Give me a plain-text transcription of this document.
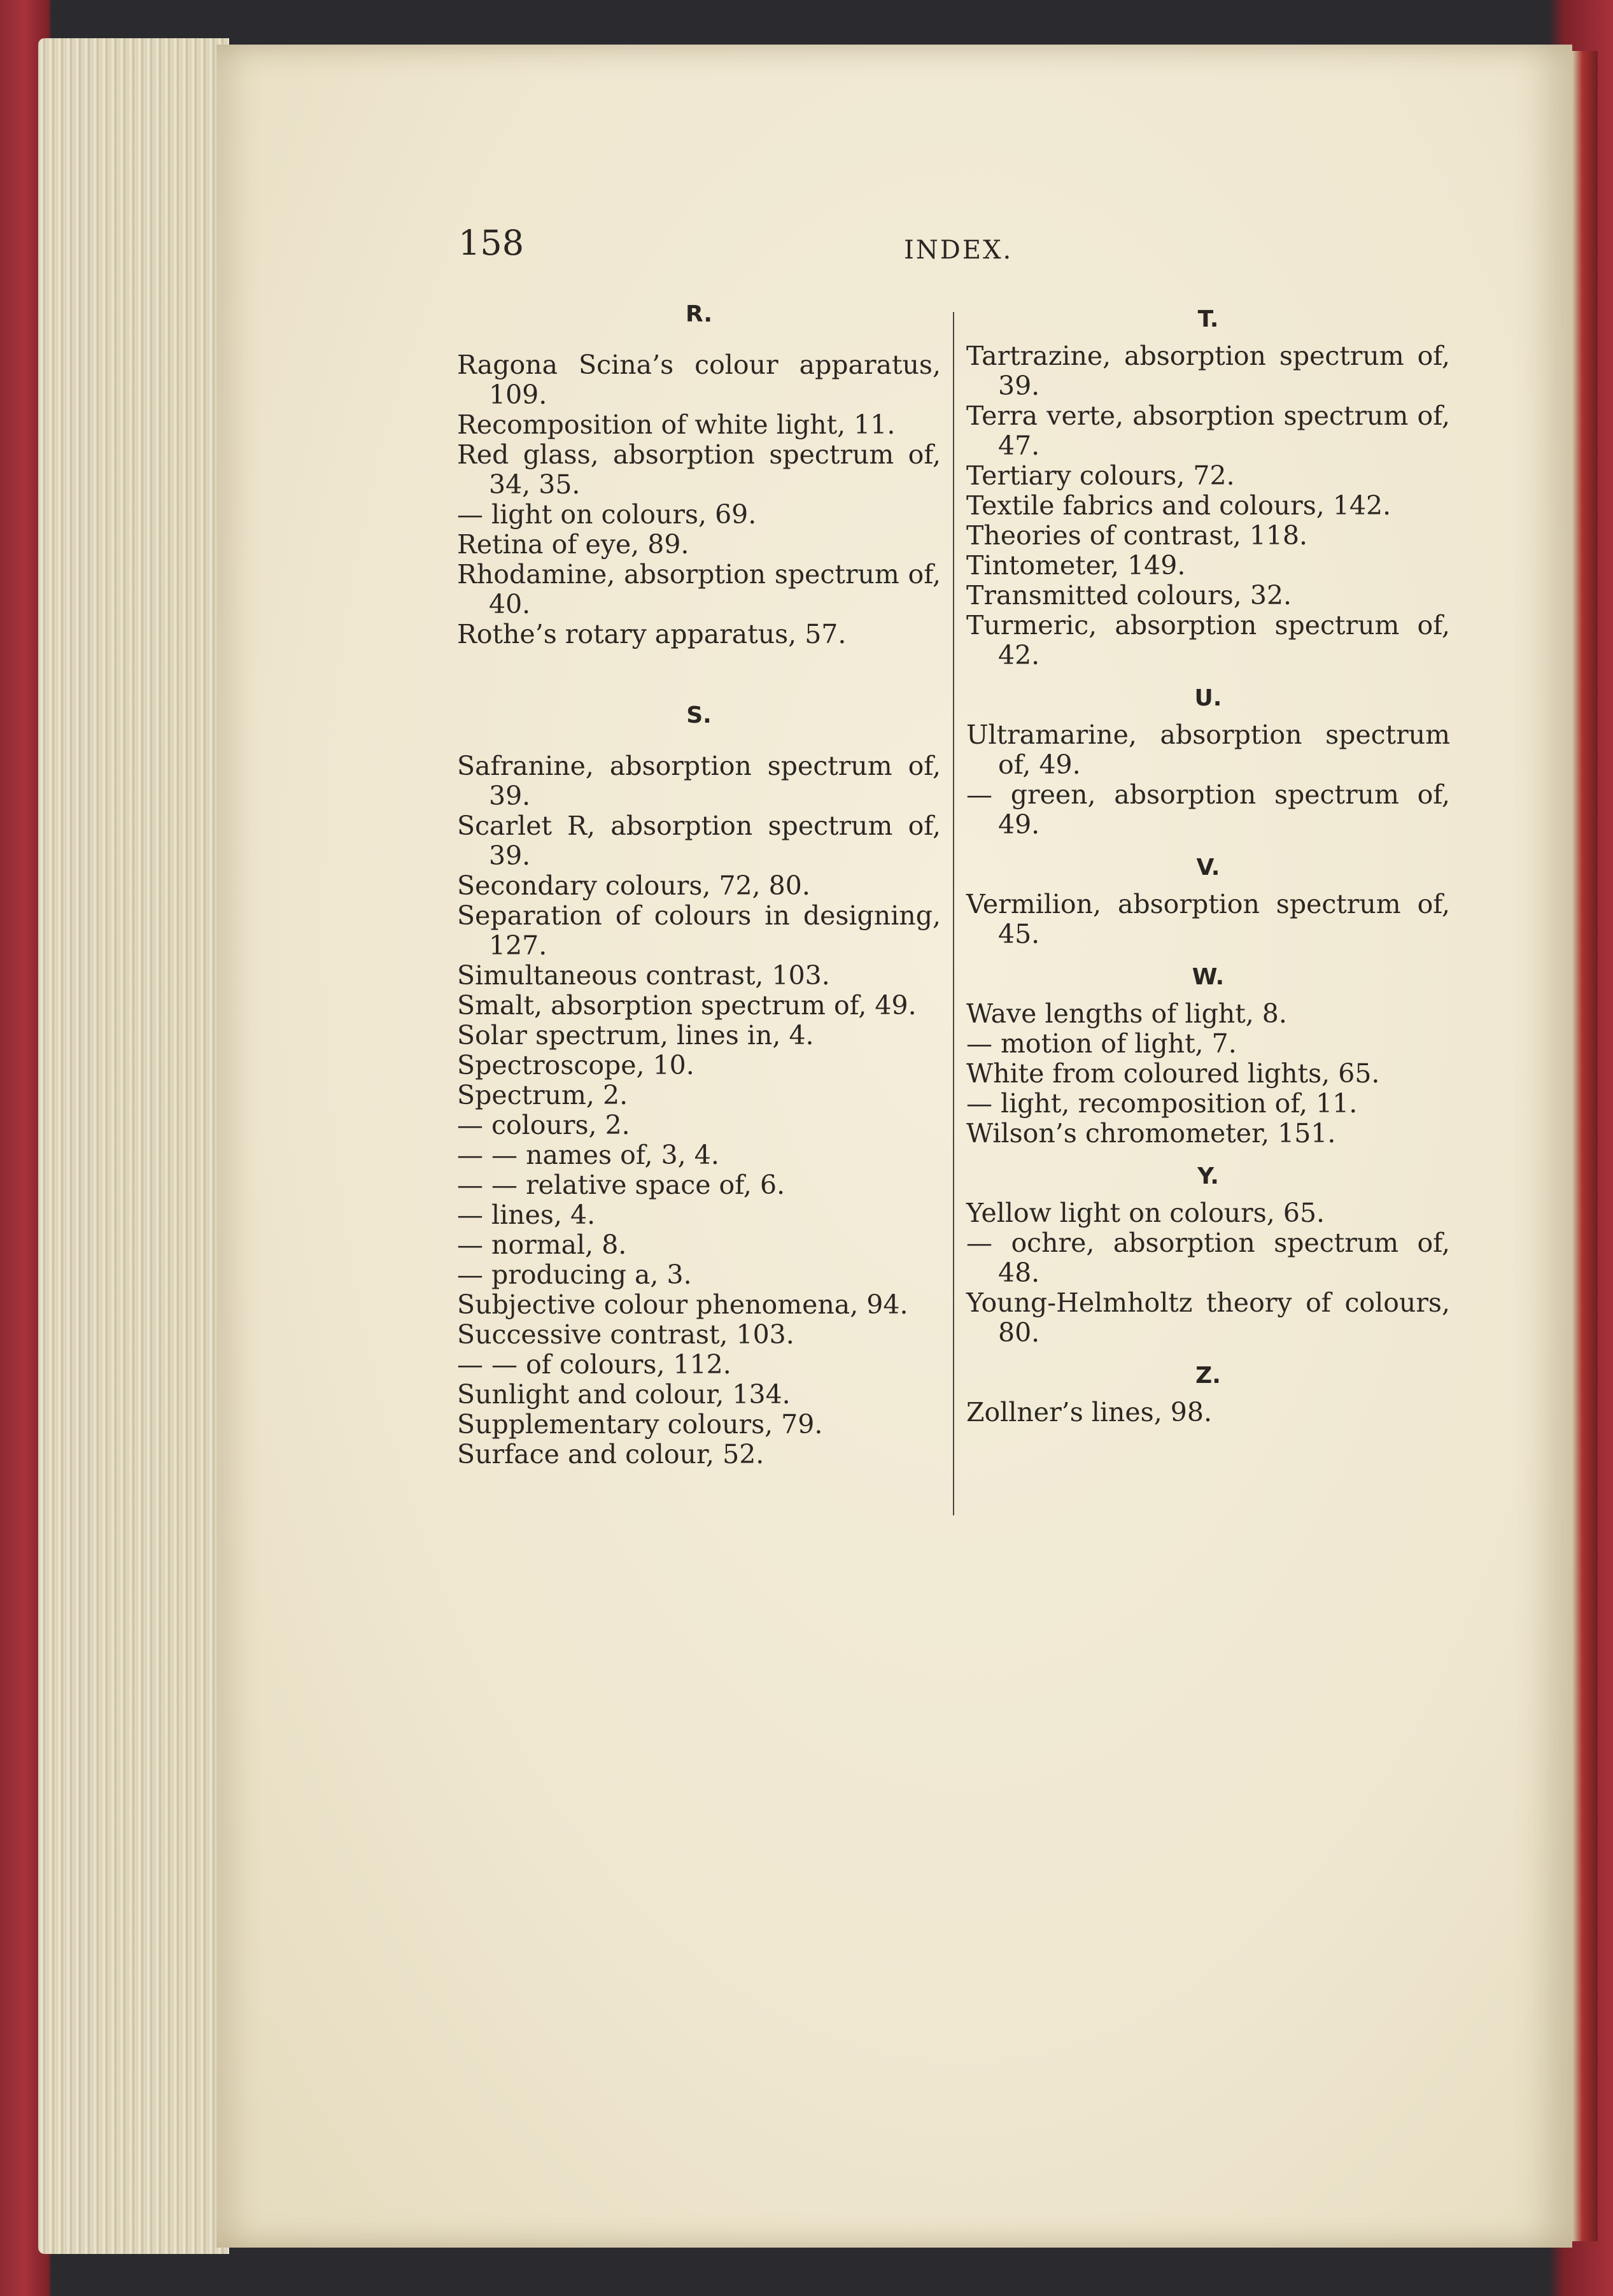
158	INDEX.
R.
Ragona Scina’s colour apparatus, 109.
Recomposition of white light, 11.
Red glass, absorption spectrum of, 34, 35.
— light on colours, 69.
Retina of eye, 89.
Rhodamine, absorption spectrum of, 40.
Rothe’s rotary apparatus, 57.
S.
Safranine, absorption spectrum of, 39.
Scarlet R, absorption spectrum of, 39.
Secondary colours, 72, 80.
Separation of colours in designing, 127.
Simultaneous contrast, 103.
Smalt, absorption spectrum of, 49.
Solar spectrum, lines in, 4.
Spectroscope, 10.
Spectrum, 2.
— colours, 2.
— — names of, 3, 4.
— — relative space of, 6.
— lines, 4.
— normal, 8.
— producing a, 3.
Subjective colour phenomena, 94.
Successive contrast, 103.
— — of colours, 112.
Sunlight and colour, 134.
Supplementary colours, 79.
Surface and colour, 52.
T.
Tartrazine, absorption spectrum of, 39.
Terra verte, absorption spectrum of, 47.
Tertiary colours, 72.
Textile fabrics and colours, 142.
Theories of contrast, 118.
Tintometer, 149.
Transmitted colours, 32.
Turmeric, absorption spectrum of, 42.
U.
Ultramarine, absorption spectrum of, 49.
— green, absorption spectrum of, 49.
V.
Vermilion, absorption spectrum of, 45.
W.
Wave lengths of light, 8.
— motion of light, 7.
White from coloured lights, 65.
— light, recomposition of, 11.
Wilson’s chromometer, 151.
Y.
Yellow light on colours, 65.
— ochre, absorption spectrum of, 48.
Young-Helmholtz theory of colours, 80.
Z.
Zollner’s lines, 98.
